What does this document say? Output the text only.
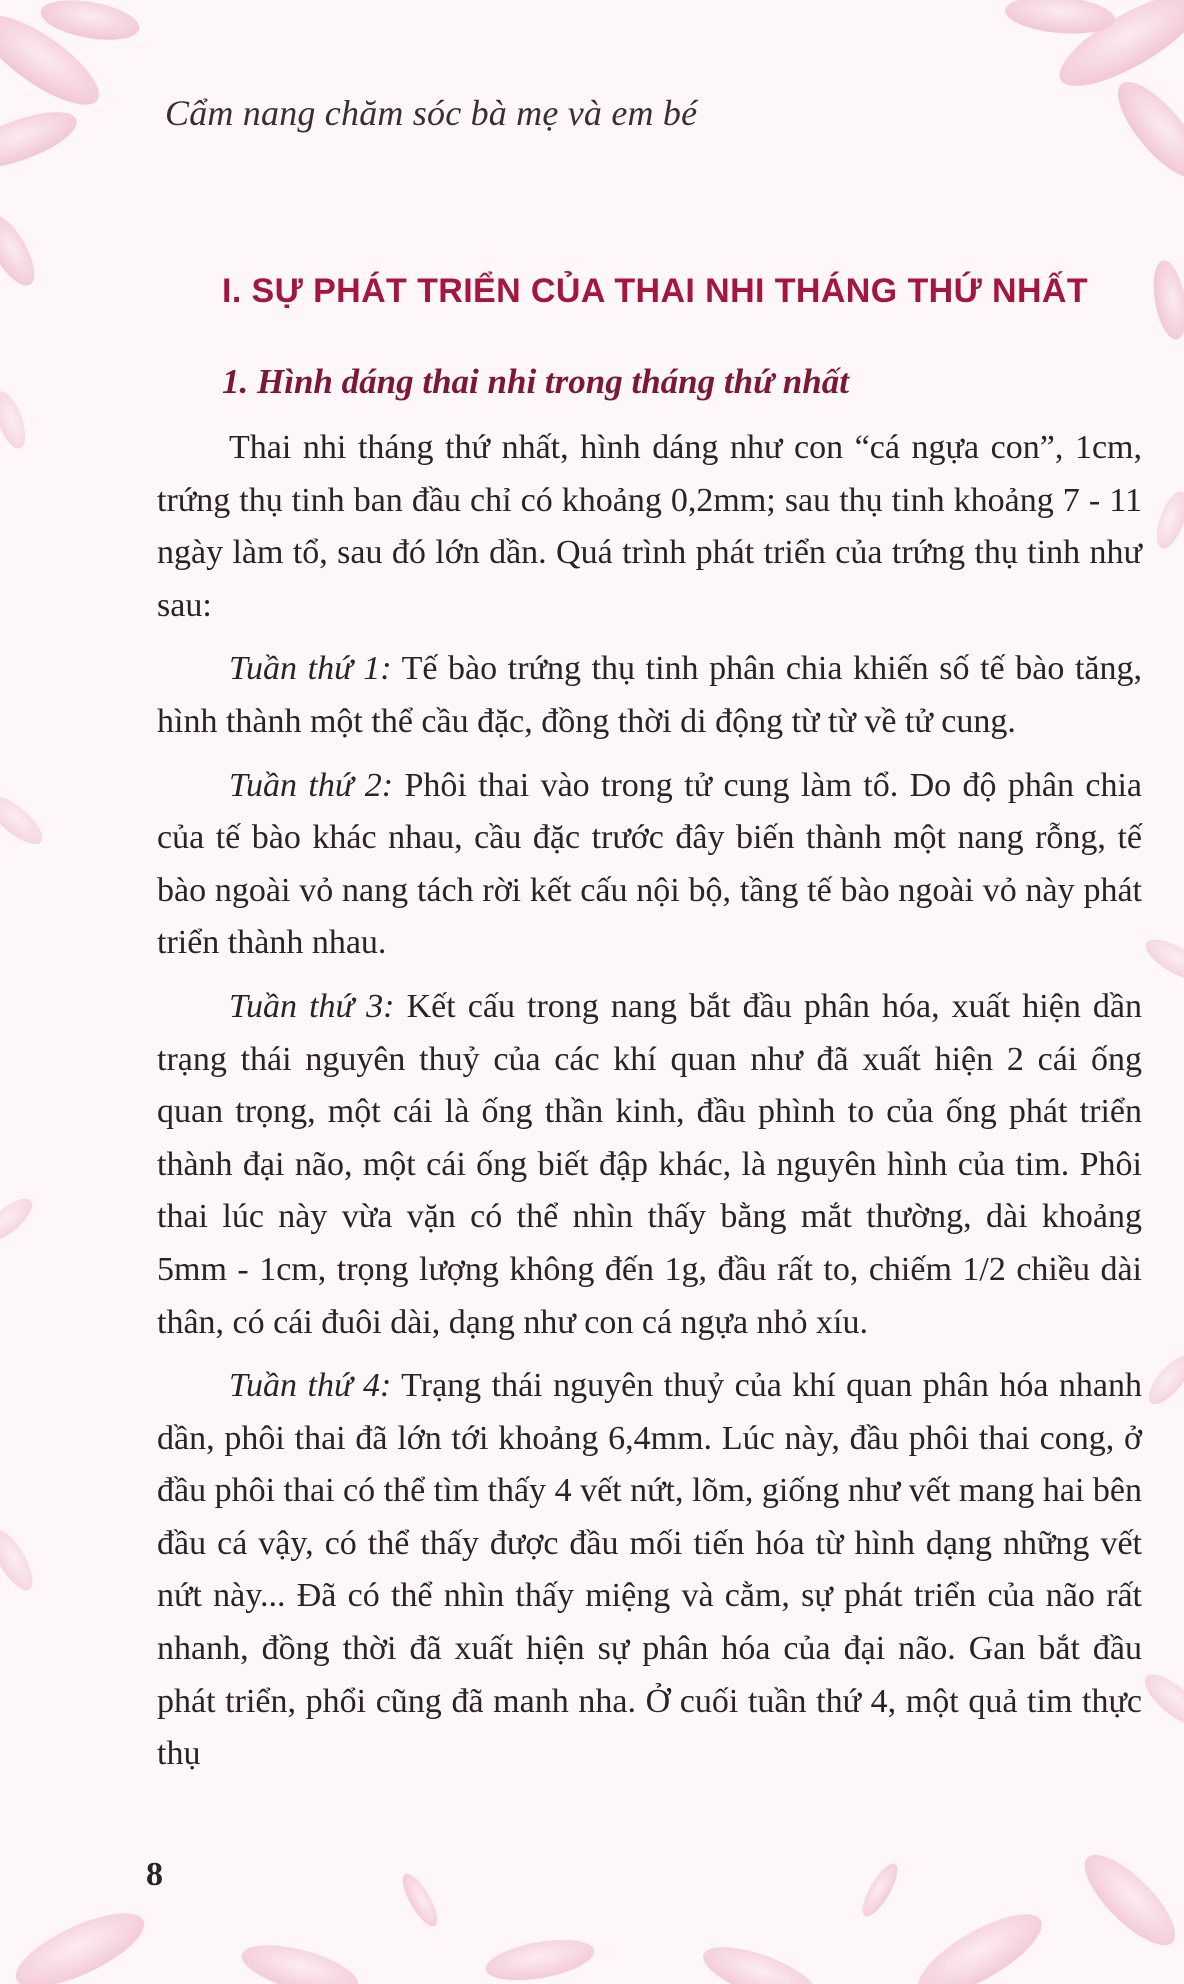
Cẩm nang chăm sóc bà mẹ và em bé
I. SỰ PHÁT TRIỂN CỦA THAI NHI THÁNG THỨ NHẤT
1. Hình dáng thai nhi trong tháng thứ nhất

Thai nhi tháng thứ nhất, hình dáng như con “cá ngựa con”, 1cm, trứng thụ tinh ban đầu chỉ có khoảng 0,2mm; sau thụ tinh khoảng 7 - 11 ngày làm tổ, sau đó lớn dần. Quá trình phát triển của trứng thụ tinh như sau:

Tuần thứ 1: Tế bào trứng thụ tinh phân chia khiến số tế bào tăng, hình thành một thể cầu đặc, đồng thời di động từ từ về tử cung.

Tuần thứ 2: Phôi thai vào trong tử cung làm tổ. Do độ phân chia của tế bào khác nhau, cầu đặc trước đây biến thành một nang rỗng, tế bào ngoài vỏ nang tách rời kết cấu nội bộ, tầng tế bào ngoài vỏ này phát triển thành nhau.

Tuần thứ 3: Kết cấu trong nang bắt đầu phân hóa, xuất hiện dần trạng thái nguyên thuỷ của các khí quan như đã xuất hiện 2 cái ống quan trọng, một cái là ống thần kinh, đầu phình to của ống phát triển thành đại não, một cái ống biết đập khác, là nguyên hình của tim. Phôi thai lúc này vừa vặn có thể nhìn thấy bằng mắt thường, dài khoảng 5mm - 1cm, trọng lượng không đến 1g, đầu rất to, chiếm 1/2 chiều dài thân, có cái đuôi dài, dạng như con cá ngựa nhỏ xíu.

Tuần thứ 4: Trạng thái nguyên thuỷ của khí quan phân hóa nhanh dần, phôi thai đã lớn tới khoảng 6,4mm. Lúc này, đầu phôi thai cong, ở đầu phôi thai có thể tìm thấy 4 vết nứt, lõm, giống như vết mang hai bên đầu cá vậy, có thể thấy được đầu mối tiến hóa từ hình dạng những vết nứt này... Đã có thể nhìn thấy miệng và cằm, sự phát triển của não rất nhanh, đồng thời đã xuất hiện sự phân hóa của đại não. Gan bắt đầu phát triển, phổi cũng đã manh nha. Ở cuối tuần thứ 4, một quả tim thực thụ

8
